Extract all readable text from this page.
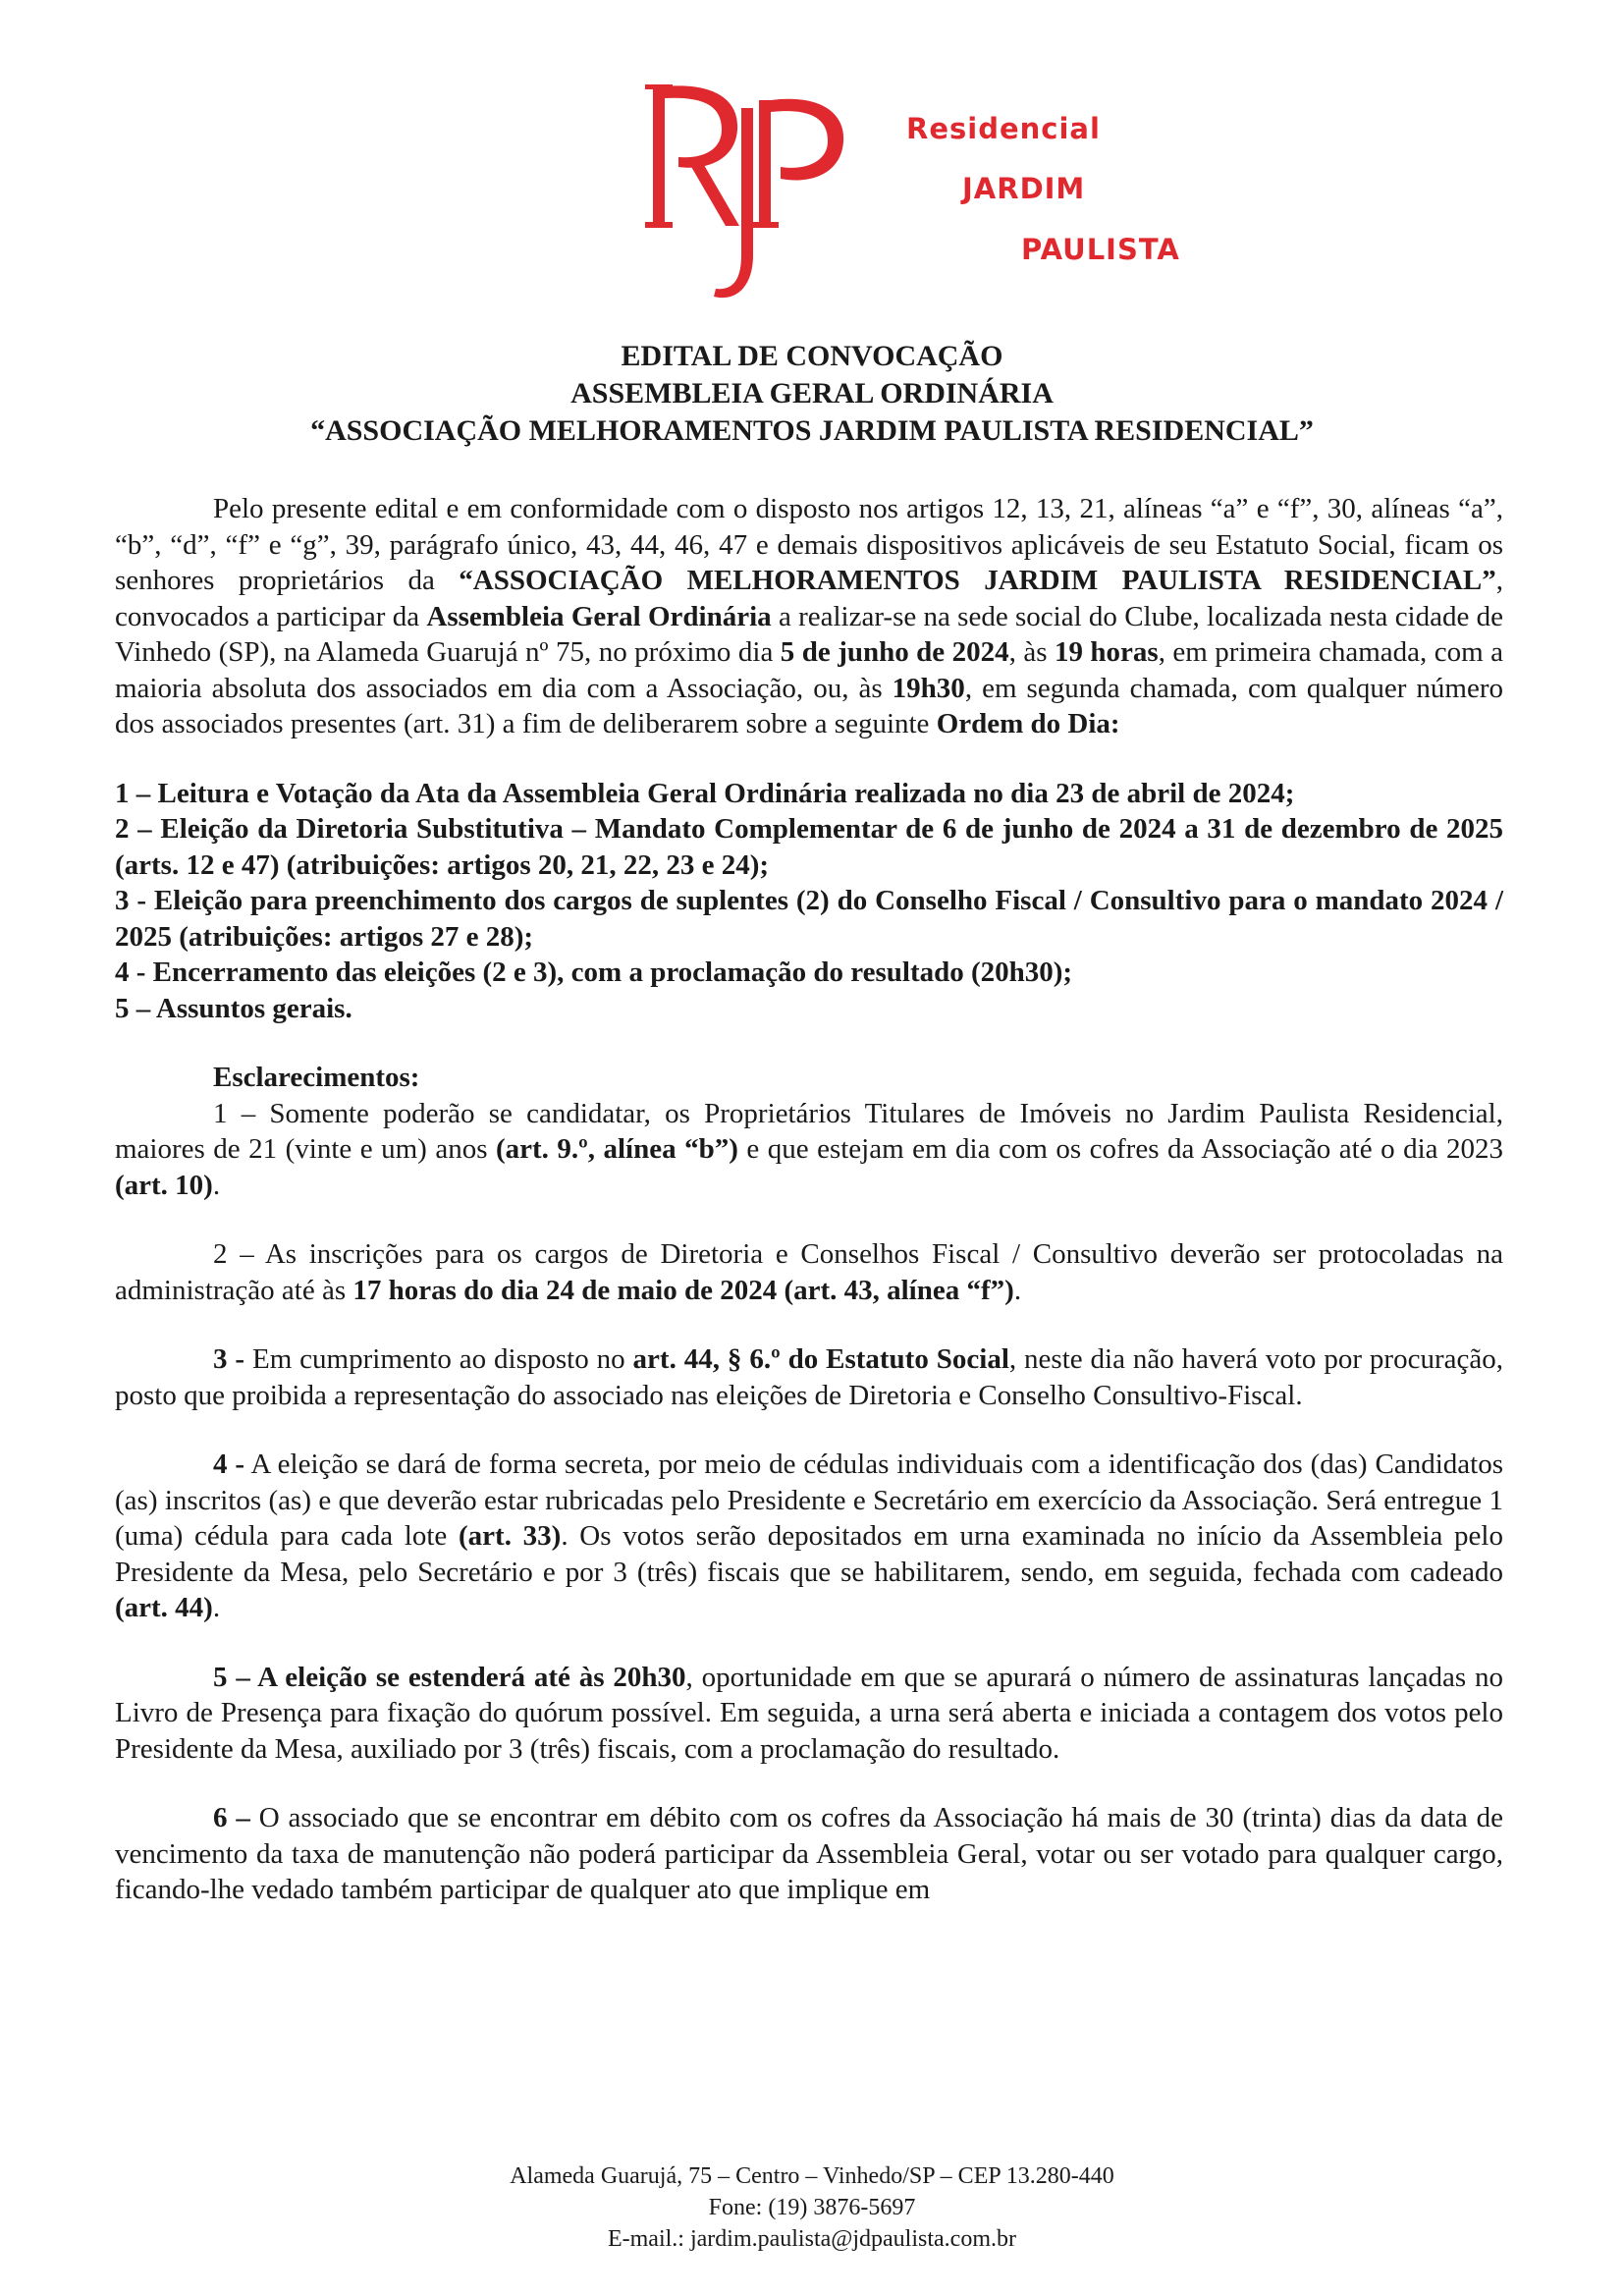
RJP
Residencial
JARDIM
PAULISTA
EDITAL DE CONVOCAÇÃO
ASSEMBLEIA GERAL ORDINÁRIA
“ASSOCIAÇÃO MELHORAMENTOS JARDIM PAULISTA RESIDENCIAL”

Pelo presente edital e em conformidade com o disposto nos artigos 12, 13, 21, alíneas “a” e “f”, 30, alíneas “a”, “b”, “d”, “f” e “g”, 39, parágrafo único, 43, 44, 46, 47 e demais dispositivos aplicáveis de seu Estatuto Social, ficam os senhores proprietários da “ASSOCIAÇÃO MELHORAMENTOS JARDIM PAULISTA RESIDENCIAL”, convocados a participar da Assembleia Geral Ordinária a realizar-se na sede social do Clube, localizada nesta cidade de Vinhedo (SP), na Alameda Guarujá nº 75, no próximo dia 5 de junho de 2024, às 19 horas, em primeira chamada, com a maioria absoluta dos associados em dia com a Associação, ou, às 19h30, em segunda chamada, com qualquer número dos associados presentes (art. 31) a fim de deliberarem sobre a seguinte Ordem do Dia:

1 – Leitura e Votação da Ata da Assembleia Geral Ordinária realizada no dia 23 de abril de 2024;

2 – Eleição da Diretoria Substitutiva – Mandato Complementar de 6 de junho de 2024 a 31 de dezembro de 2025 (arts. 12 e 47) (atribuições: artigos 20, 21, 22, 23 e 24);

3 - Eleição para preenchimento dos cargos de suplentes (2) do Conselho Fiscal / Consultivo para o mandato 2024 / 2025 (atribuições: artigos 27 e 28);

4 - Encerramento das eleições (2 e 3), com a proclamação do resultado (20h30);

5 – Assuntos gerais.

Esclarecimentos:

1 – Somente poderão se candidatar, os Proprietários Titulares de Imóveis no Jardim Paulista Residencial, maiores de 21 (vinte e um) anos (art. 9.º, alínea “b”) e que estejam em dia com os cofres da Associação até o dia 2023 (art. 10).

2 – As inscrições para os cargos de Diretoria e Conselhos Fiscal / Consultivo deverão ser protocoladas na administração até às 17 horas do dia 24 de maio de 2024 (art. 43, alínea “f”).

3 - Em cumprimento ao disposto no art. 44, § 6.º do Estatuto Social, neste dia não haverá voto por procuração, posto que proibida a representação do associado nas eleições de Diretoria e Conselho Consultivo-Fiscal.

4 - A eleição se dará de forma secreta, por meio de cédulas individuais com a identificação dos (das) Candidatos (as) inscritos (as) e que deverão estar rubricadas pelo Presidente e Secretário em exercício da Associação. Será entregue 1 (uma) cédula para cada lote (art. 33). Os votos serão depositados em urna examinada no início da Assembleia pelo Presidente da Mesa, pelo Secretário e por 3 (três) fiscais que se habilitarem, sendo, em seguida, fechada com cadeado (art. 44).

5 – A eleição se estenderá até às 20h30, oportunidade em que se apurará o número de assinaturas lançadas no Livro de Presença para fixação do quórum possível. Em seguida, a urna será aberta e iniciada a contagem dos votos pelo Presidente da Mesa, auxiliado por 3 (três) fiscais, com a proclamação do resultado.

6 – O associado que se encontrar em débito com os cofres da Associação há mais de 30 (trinta) dias da data de vencimento da taxa de manutenção não poderá participar da Assembleia Geral, votar ou ser votado para qualquer cargo, ficando-lhe vedado também participar de qualquer ato que implique em

Alameda Guarujá, 75 – Centro – Vinhedo/SP – CEP 13.280-440
Fone: (19) 3876-5697
E-mail.: jardim.paulista@jdpaulista.com.br
